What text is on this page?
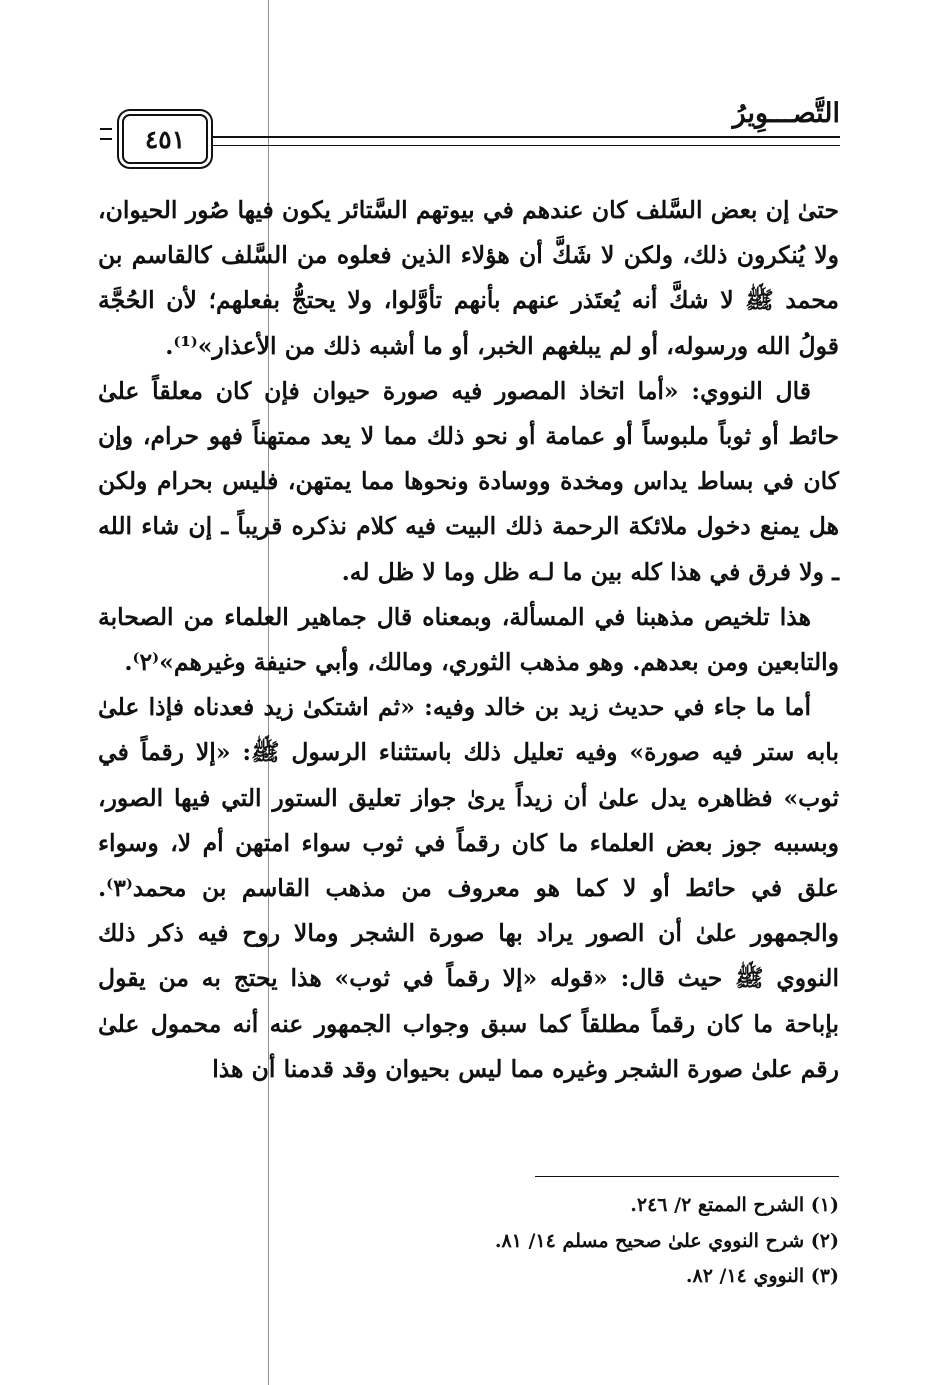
التَّصـــوِيرُ
٤٥١

حتىٰ إن بعض السَّلف كان عندهم في بيوتهم السَّتائر يكون فيها صُور الحيوان، ولا يُنكرون ذلك، ولكن لا شَكَّ أن هؤلاء الذين فعلوه من السَّلف كالقاسم بن محمد ﷺ لا شكَّ أنه يُعتَذر عنهم بأنهم تأوَّلوا، ولا يحتجُّ بفعلهم؛ لأن الحُجَّة قولُ الله ورسوله، أو لم يبلغهم الخبر، أو ما أشبه ذلك من الأعذار»⁽¹⁾.

قال النووي: «أما اتخاذ المصور فيه صورة حيوان فإن كان معلقاً علىٰ حائط أو ثوباً ملبوساً أو عمامة أو نحو ذلك مما لا يعد ممتهناً فهو حرام، وإن كان في بساط يداس ومخدة ووسادة ونحوها مما يمتهن، فليس بحرام ولكن هل يمنع دخول ملائكة الرحمة ذلك البيت فيه كلام نذكره قريباً ـ إن شاء الله ـ ولا فرق في هذا كله بين ما لـه ظل وما لا ظل له.

هذا تلخيص مذهبنا في المسألة، وبمعناه قال جماهير العلماء من الصحابة والتابعين ومن بعدهم. وهو مذهب الثوري، ومالك، وأبي حنيفة وغيرهم»⁽٢⁾.

أما ما جاء في حديث زيد بن خالد وفيه: «ثم اشتكىٰ زيد فعدناه فإذا علىٰ بابه ستر فيه صورة» وفيه تعليل ذلك باستثناء الرسول ﷺ: «إلا رقماً في ثوب» فظاهره يدل علىٰ أن زيداً يرىٰ جواز تعليق الستور التي فيها الصور، وبسببه جوز بعض العلماء ما كان رقماً في ثوب سواء امتهن أم لا، وسواء علق في حائط أو لا كما هو معروف من مذهب القاسم بن محمد⁽٣⁾. والجمهور علىٰ أن الصور يراد بها صورة الشجر ومالا روح فيه ذكر ذلك النووي ﷺ حيث قال: «قوله «إلا رقماً في ثوب» هذا يحتج به من يقول بإباحة ما كان رقماً مطلقاً كما سبق وجواب الجمهور عنه أنه محمول علىٰ رقم علىٰ صورة الشجر وغيره مما ليس بحيوان وقد قدمنا أن هذا

(١) الشرح الممتع ٢/ ٢٤٦.
(٢) شرح النووي علىٰ صحيح مسلم ١٤/ ٨١.
(٣) النووي ١٤/ ٨٢.
